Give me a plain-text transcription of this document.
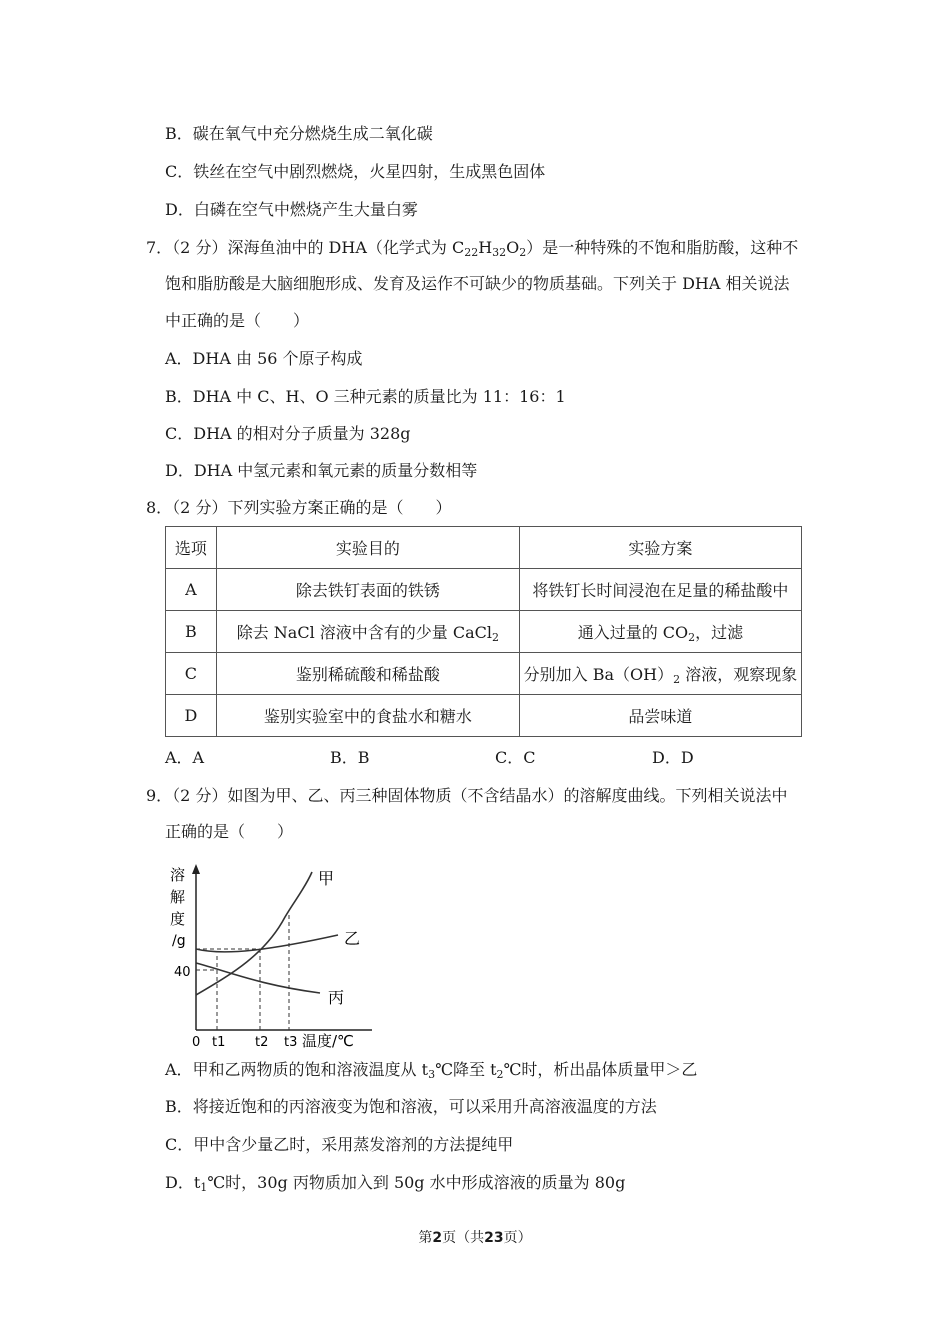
B．碳在氧气中充分燃烧生成二氧化碳
C．铁丝在空气中剧烈燃烧，火星四射，生成黑色固体
D．白磷在空气中燃烧产生大量白雾
7．（2 分）深海鱼油中的 DHA（化学式为 $C_{22}H_{32}O_2$）是一种特殊的不饱和脂肪酸，这种不
饱和脂肪酸是大脑细胞形成、发育及运作不可缺少的物质基础。下列关于 DHA 相关说法
中正确的是（　　）
A．DHA 由 56 个原子构成
B．DHA 中 C、H、O 三种元素的质量比为 11：16：1
C．DHA 的相对分子质量为 328g
D．DHA 中氢元素和氧元素的质量分数相等
8．（2 分）下列实验方案正确的是（　　）
选项	实验目的	实验方案
A	除去铁钉表面的铁锈	将铁钉长时间浸泡在足量的稀盐酸中
B	除去 NaCl 溶液中含有的少量 CaCl$_2$	通入过量的 $CO_2$，过滤
C	鉴别稀硫酸和稀盐酸	分别加入 $Ba(OH)_2$ 溶液，观察现象
D	鉴别实验室中的食盐水和糖水	品尝味道
A．A	B．B	C．C	D．D
9．（2 分）如图为甲、乙、丙三种固体物质（不含结晶水）的溶解度曲线。下列相关说法中
正确的是（　　）
溶
解
度
/g
40
甲
乙
丙
0 t1 t2 t3 温度/℃
A．甲和乙两物质的饱和溶液温度从 $t_3℃$降至 $t_2℃$时，析出晶体质量甲＞乙
B．将接近饱和的丙溶液变为饱和溶液，可以采用升高溶液温度的方法
C．甲中含少量乙时，采用蒸发溶剂的方法提纯甲
D．$t_1℃$时，30g 丙物质加入到 50g 水中形成溶液的质量为 80g
第2页（共23页）
